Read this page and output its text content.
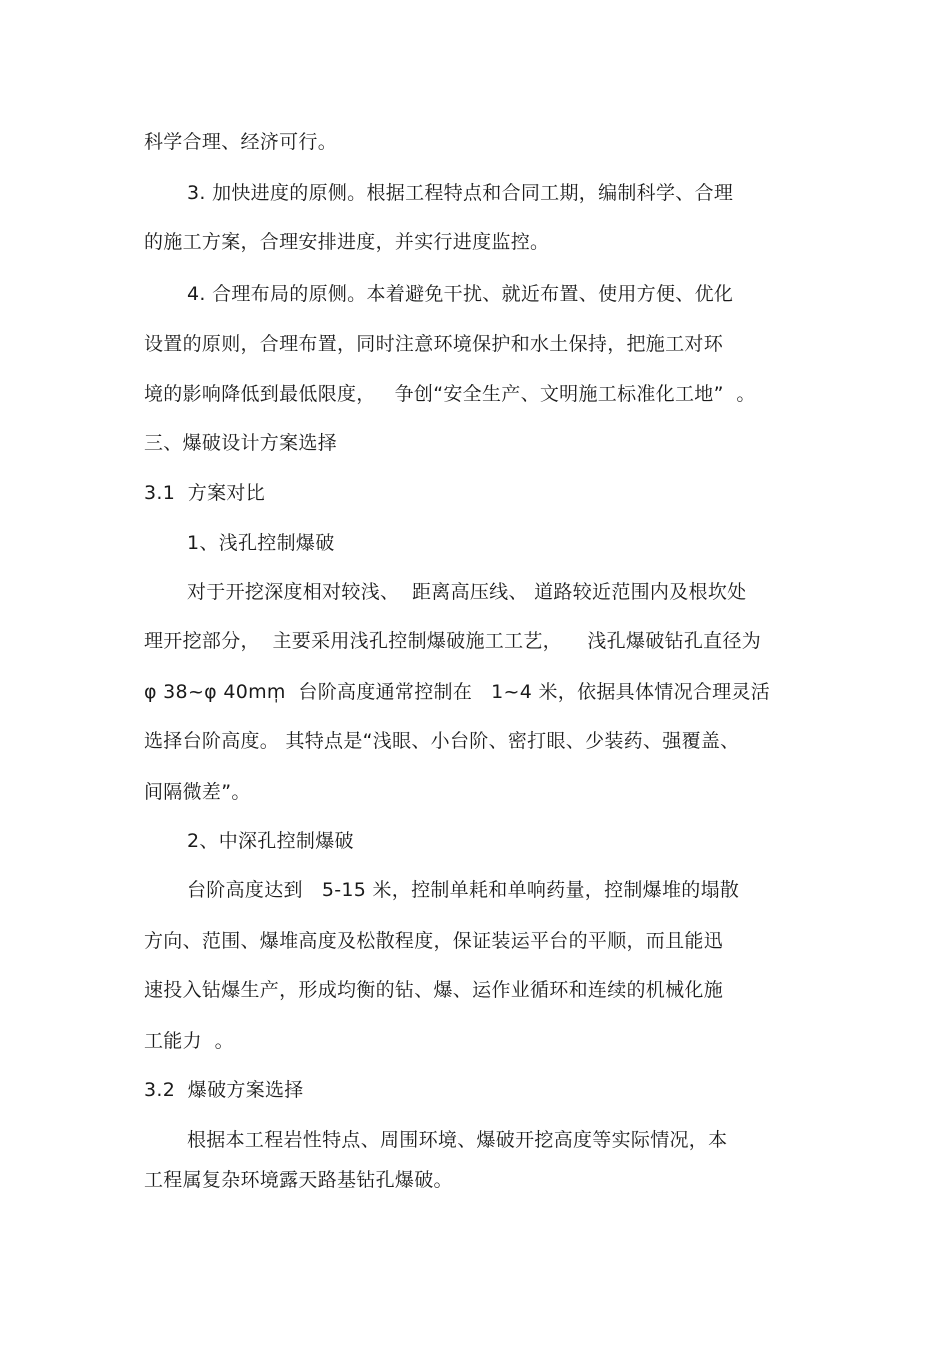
科学合理、经济可行。
3. 加快进度的原侧。根据工程特点和合同工期，编制科学、合理
的施工方案，合理安排进度，并实行进度监控。
4. 合理布局的原侧。本着避免干扰、就近布置、使用方便、优化
设置的原则，合理布置，同时注意环境保护和水土保持，把施工对环
境的影响降低到最低限度，   争创“安全生产、文明施工标准化工地”  。
三、爆破设计方案选择
3.1  方案对比
1、浅孔控制爆破
对于开挖深度相对较浅、  距离高压线、 道路较近范围内及根坎处
理开挖部分，  主要采用浅孔控制爆破施工工艺，    浅孔爆破钻孔直径为
φ 38~φ 40mm̩  台阶高度通常控制在   1~4 米，依据具体情况合理灵活
选择台阶高度。 其特点是“浅眼、小台阶、密打眼、少装药、强覆盖、
间隔微差”。
2、中深孔控制爆破
台阶高度达到   5-15 米，控制单耗和单响药量，控制爆堆的塌散
方向、范围、爆堆高度及松散程度，保证装运平台的平顺，而且能迅
速投入钻爆生产，形成均衡的钻、爆、运作业循环和连续的机械化施
工能力  。
3.2  爆破方案选择
根据本工程岩性特点、周围环境、爆破开挖高度等实际情况，本
工程属复杂环境露天路基钻孔爆破。
